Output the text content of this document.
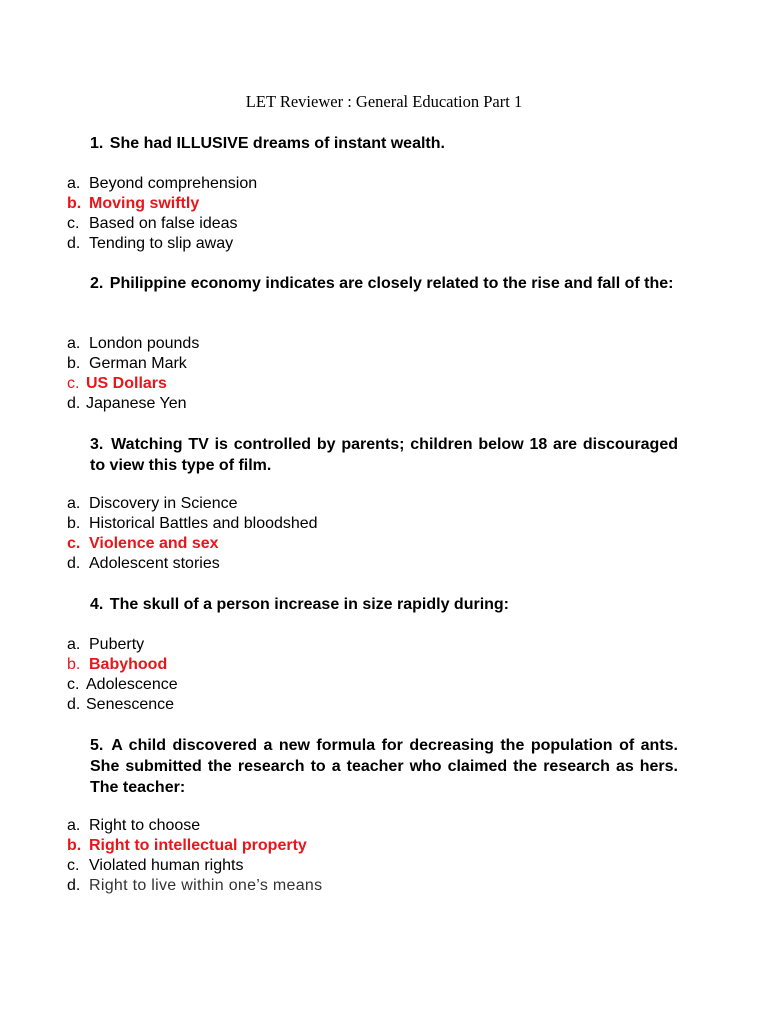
LET Reviewer : General Education Part 1
1. She had ILLUSIVE dreams of instant wealth.
a. Beyond comprehension
b. Moving swiftly
c. Based on false ideas
d. Tending to slip away
2. Philippine economy indicates are closely related to the rise and fall of the:
a. London pounds
b. German Mark
c. US Dollars
d. Japanese Yen
3. Watching TV is controlled by parents; children below 18 are discouraged to view this type of film.
a. Discovery in Science
b. Historical Battles and bloodshed
c. Violence and sex
d. Adolescent stories
4. The skull of a person increase in size rapidly during:
a. Puberty
b. Babyhood
c. Adolescence
d. Senescence
5. A child discovered a new formula for decreasing the population of ants. She submitted the research to a teacher who claimed the research as hers. The teacher:
a. Right to choose
b. Right to intellectual property
c. Violated human rights
d. Right to live within one’s means
